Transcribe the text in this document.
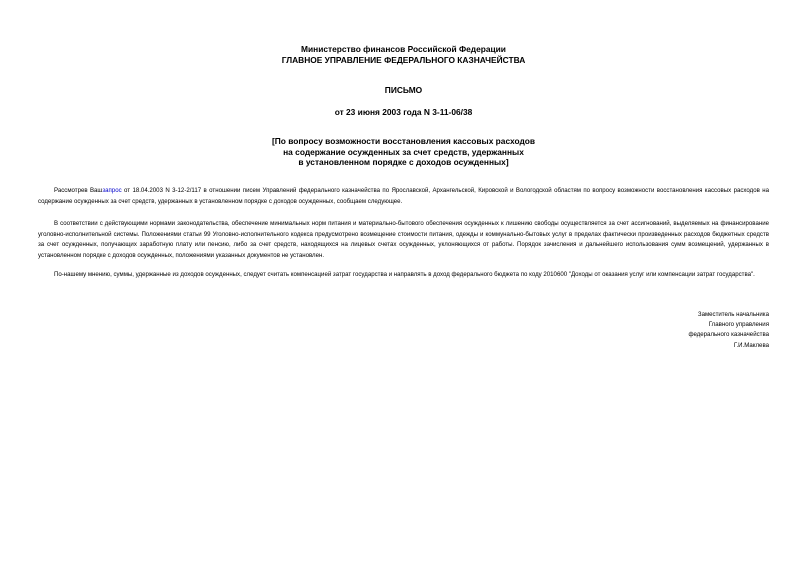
Министерство финансов Российской Федерации
ГЛАВНОЕ УПРАВЛЕНИЕ ФЕДЕРАЛЬНОГО КАЗНАЧЕЙСТВА
ПИСЬМО
от 23 июня 2003 года N 3-11-06/38
[По вопросу возможности восстановления кассовых расходов
на содержание осужденных за счет средств, удержанных
в установленном порядке с доходов осужденных]

Рассмотрев Вашзапрос от 18.04.2003 N 3-12-2/117 в отношении писем Управлений федерального казначейства по Ярославской, Архангельской, Кировской и Вологодской областям по вопросу возможности восстановления кассовых расходов на содержание осужденных за счет средств, удержанных в установленном порядке с доходов осужденных, сообщаем следующее.

В соответствии с действующими нормами законодательства, обеспечение минимальных норм питания и материально-бытового обеспечения осужденных к лишению свободы осуществляется за счет ассигнований, выделяемых на финансирование уголовно-исполнительной системы. Положениями статьи 99 Уголовно-исполнительного кодекса предусмотрено возмещение стоимости питания, одежды и коммунально-бытовых услуг в пределах фактически произведенных расходов бюджетных средств за счет осужденных, получающих заработную плату или пенсию, либо за счет средств, находящихся на лицевых счетах осужденных, уклоняющихся от работы. Порядок зачисления и дальнейшего использования сумм возмещений, удержанных в установленном порядке с доходов осужденных, положениями указанных документов не установлен.

По-нашему мнению, суммы, удержанные из доходов осужденных, следует считать компенсацией затрат государства и направлять в доход федерального бюджета по коду 2010600 "Доходы от оказания услуг или компенсации затрат государства".

Заместитель начальника
Главного управления
федерального казначейства
Г.И.Маклева
